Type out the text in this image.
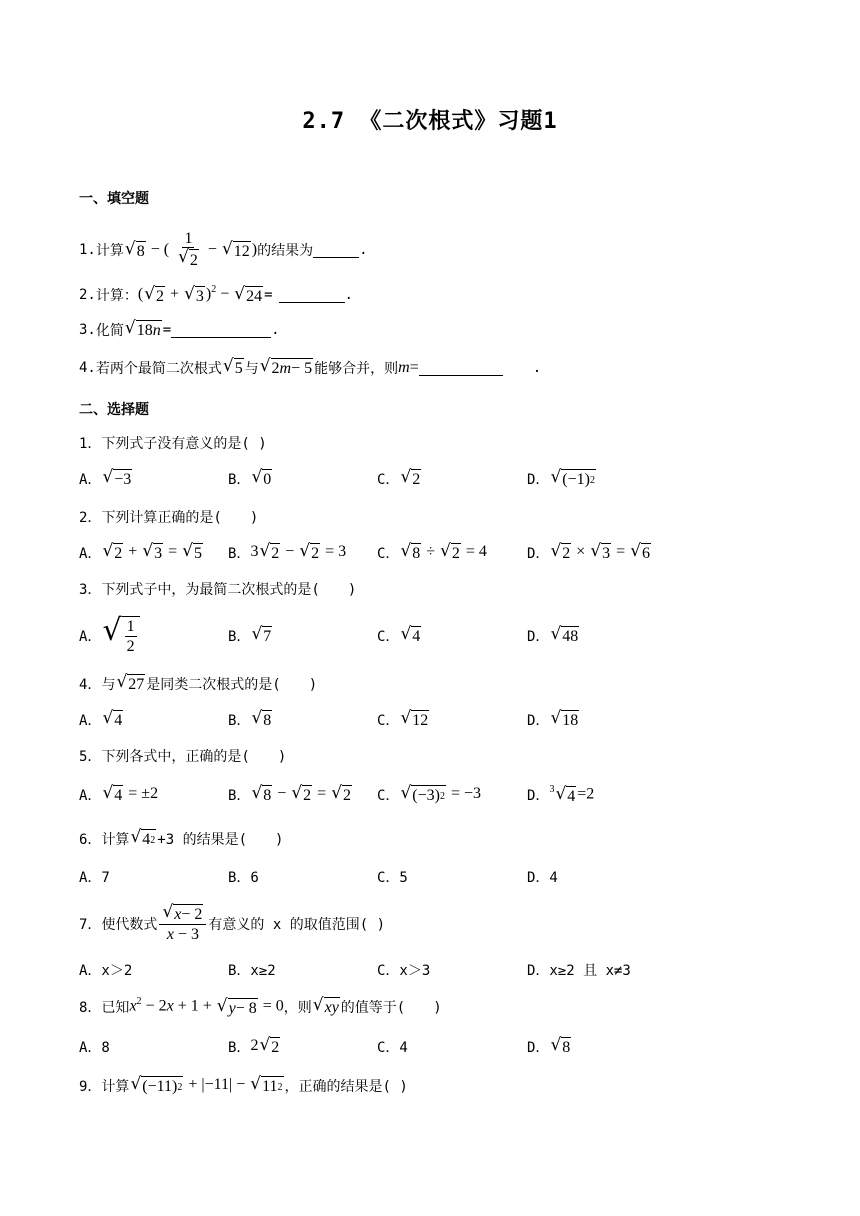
2.7 《二次根式》习题1
一、填空题
1. 计算 √ 8 − ( $\frac{1}{√ 2}$ − √ 12 ) 的结果为	.
2. 计算： ( √ 2 + √ 3 )$^2$ − √ 24 =	.
3. 化简 √ 18 n =	.
4. 若两个最简二次根式 √ 5 与 √ 2 m − 5 能够合并，则 m =	.
二、选择题
1． 下列式子没有意义的是( )
A． √ −3	B． √ 0	C． √ 2	D． √ (−1) 2
2． 下列计算正确的是(　　)
A． √ 2 + √ 3 = √ 5 B． 3 √ 2 − √ 2 = 3 C． √ 8 ÷ √ 2 = 4	D． √ 2 × √ 3 = √ 6
3． 下列式子中，为最简二次根式的是(　　)
A． √ $\frac{1}{2}$	B． √ 7	C． √ 4	D． √ 48
4． 与 √ 27 是同类二次根式的是(　　)
A． √ 4	B． √ 8	C． √ 12	D． √ 18
5． 下列各式中，正确的是(　　)
A． √ 4 = ±2	B． √ 8 − √ 2 = √ 2 C． √ (−3) 2 = −3	D． $^3$ √ 4 =2
6． 计算 √ 4 2 +3 的结果是(　　)
A．7	B．6	C．5	D．4
7． 使代数式 $\frac{√ x - 2}{x - 3}$ 有意义的 x 的取值范围( )
A．x＞2	B．x≥2	C．x＞3	D．x≥2 且 x≠3
8． 已知 $x^2 - 2x + 1$ + √ y − 8 = 0 ，则 √ xy 的值等于(　　)
A．8	B． 2 √ 2	C．4	D． √ 8
9． 计算 √ (−11) 2 + |−11| − √ 11 2 ，正确的结果是( )
